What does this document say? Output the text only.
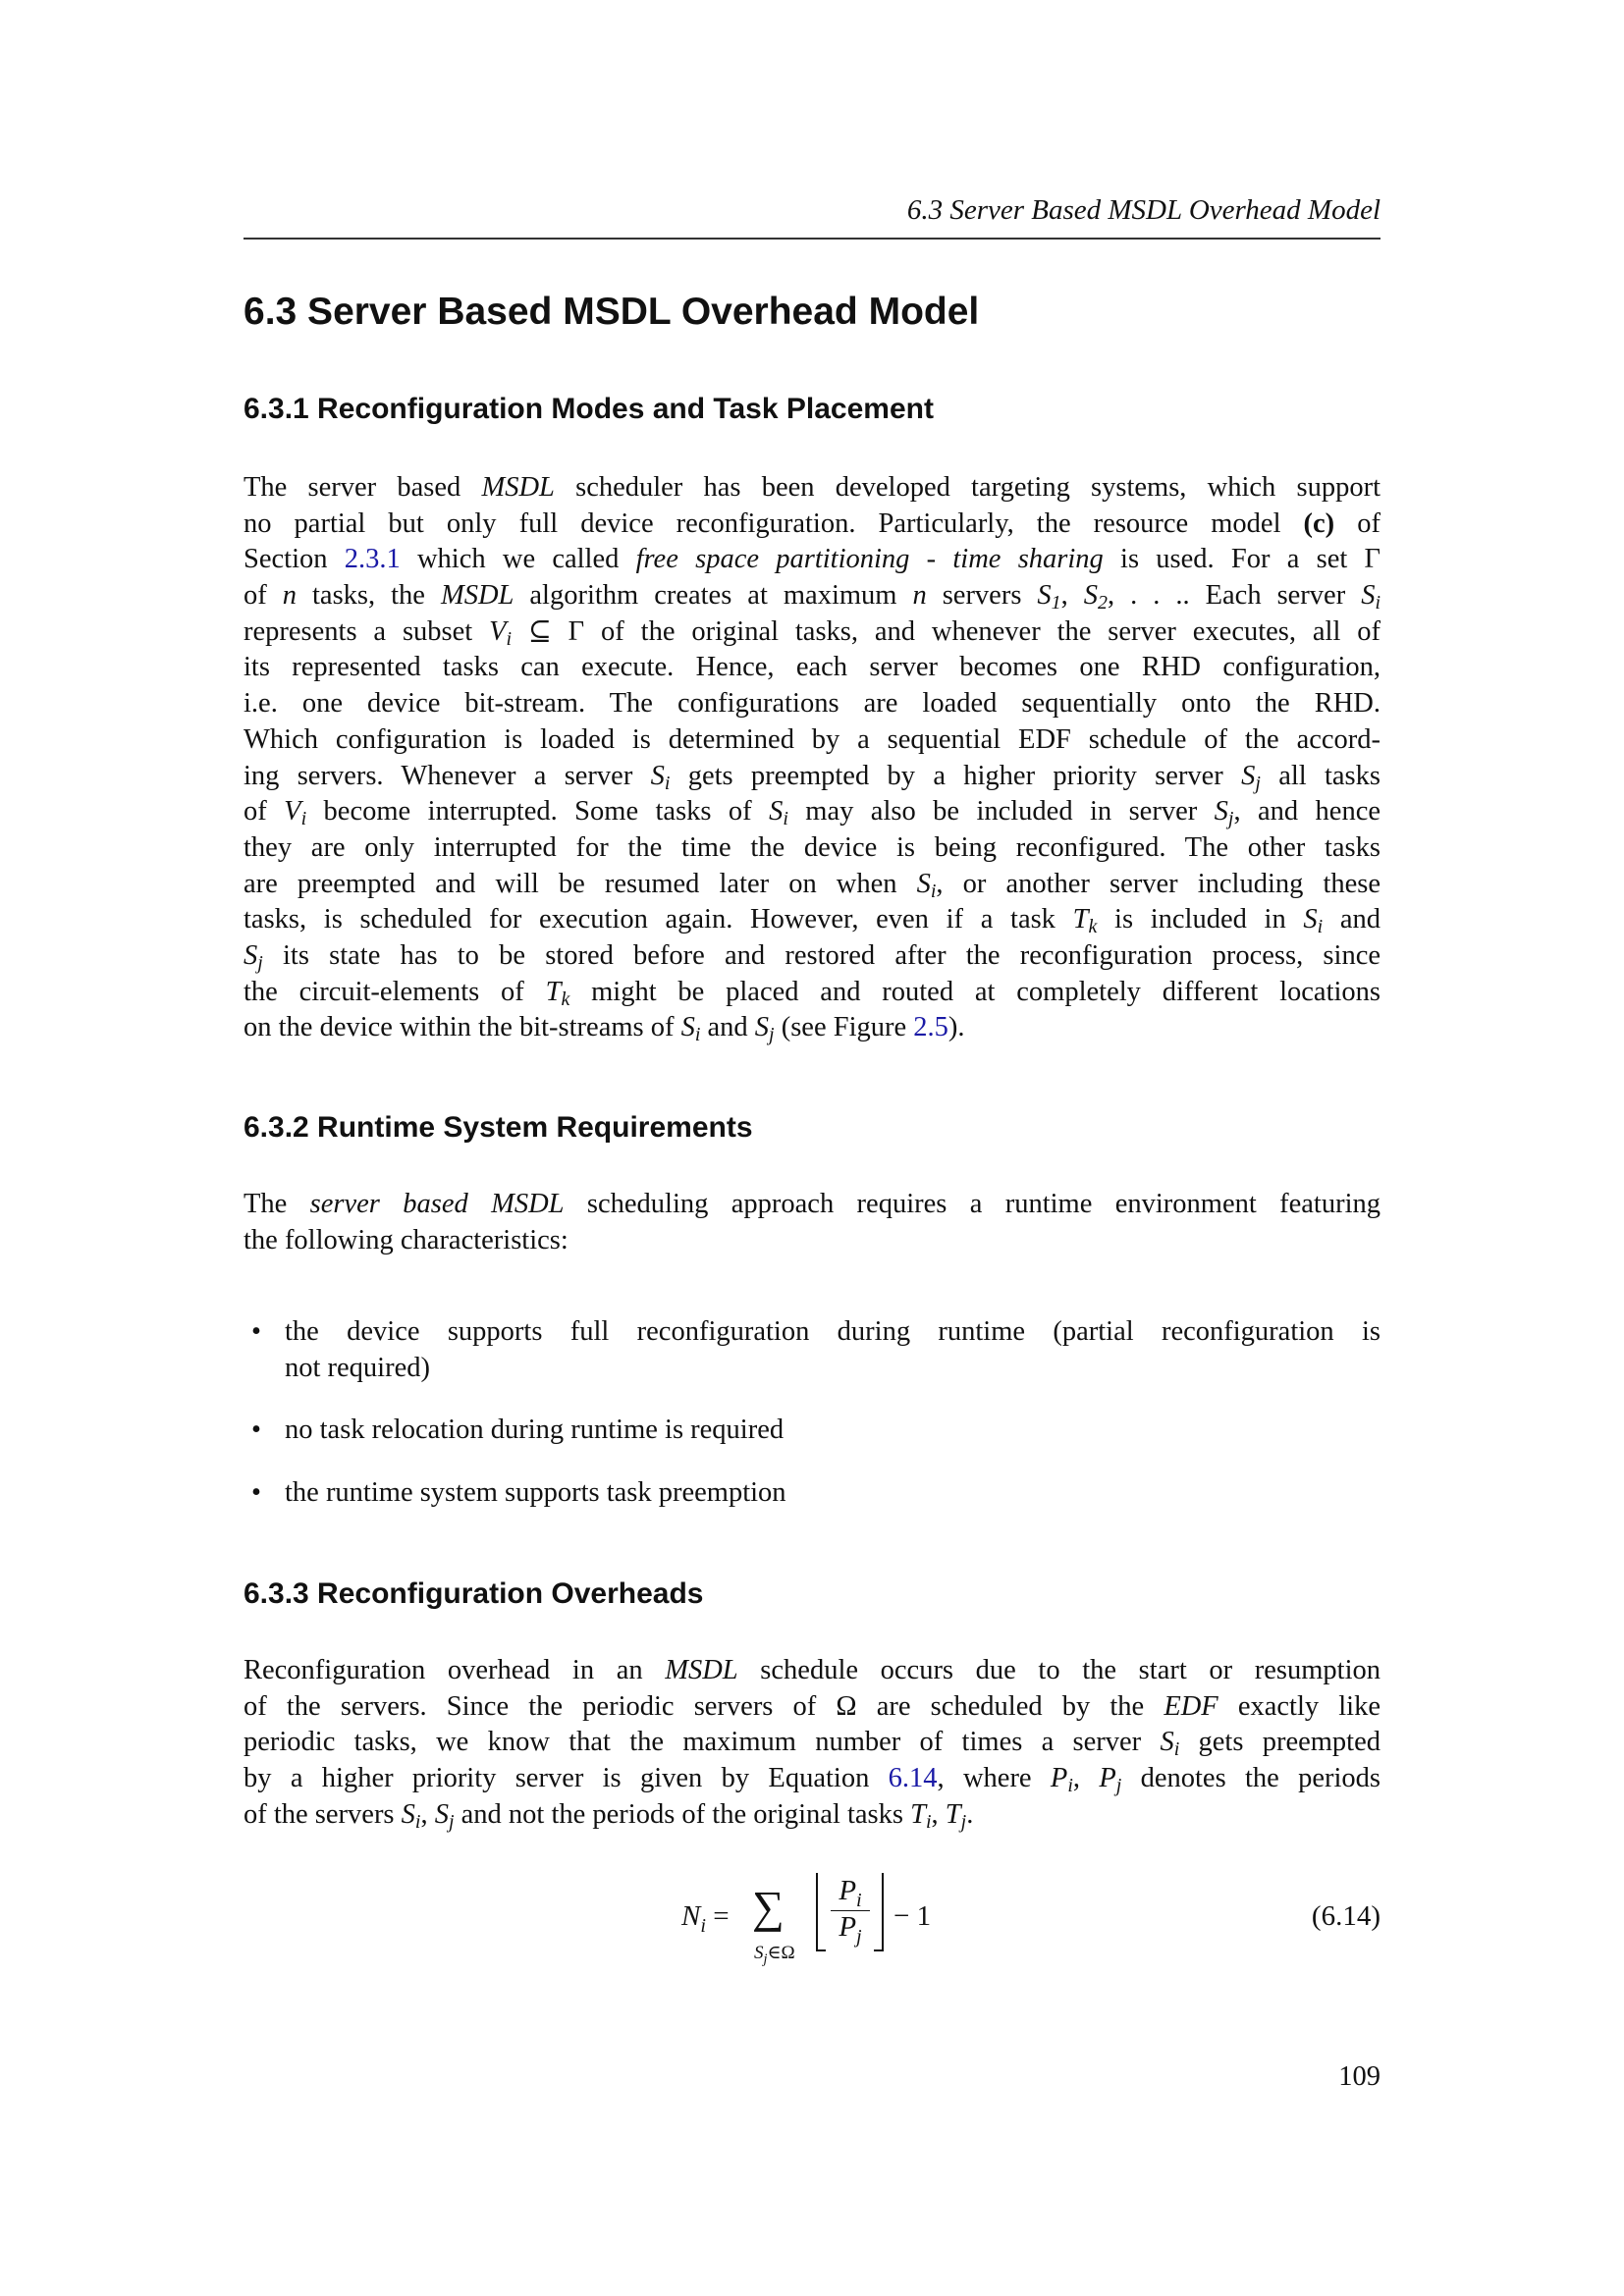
6.3 Server Based MSDL Overhead Model
6.3 Server Based MSDL Overhead Model
6.3.1 Reconfiguration Modes and Task Placement
The server based MSDL scheduler has been developed targeting systems, which support
no partial but only full device reconfiguration. Particularly, the resource model (c) of
Section 2.3.1 which we called free space partitioning - time sharing is used. For a set Γ
of n tasks, the MSDL algorithm creates at maximum n servers $S_1$, $S_2$, . . .. Each server $S_i$
represents a subset $V_i$ ⊆ Γ of the original tasks, and whenever the server executes, all of
its represented tasks can execute. Hence, each server becomes one RHD configuration,
i.e. one device bit-stream. The configurations are loaded sequentially onto the RHD.
Which configuration is loaded is determined by a sequential EDF schedule of the accord-
ing servers. Whenever a server $S_i$ gets preempted by a higher priority server $S_j$ all tasks
of $V_i$ become interrupted. Some tasks of $S_i$ may also be included in server $S_j$, and hence
they are only interrupted for the time the device is being reconfigured. The other tasks
are preempted and will be resumed later on when $S_i$, or another server including these
tasks, is scheduled for execution again. However, even if a task $T_k$ is included in $S_i$ and
$S_j$ its state has to be stored before and restored after the reconfiguration process, since
the circuit-elements of $T_k$ might be placed and routed at completely different locations
on the device within the bit-streams of $S_i$ and $S_j$ (see Figure 2.5).
6.3.2 Runtime System Requirements
The server based MSDL scheduling approach requires a runtime environment featuring
the following characteristics:
• the device supports full reconfiguration during runtime (partial reconfiguration is
not required)
• no task relocation during runtime is required
• the runtime system supports task preemption
6.3.3 Reconfiguration Overheads
Reconfiguration overhead in an MSDL schedule occurs due to the start or resumption
of the servers. Since the periodic servers of Ω are scheduled by the EDF exactly like
periodic tasks, we know that the maximum number of times a server $S_i$ gets preempted
by a higher priority server is given by Equation 6.14, where $P_i$, $P_j$ denotes the periods
of the servers $S_i$, $S_j$ and not the periods of the original tasks $T_i$, $T_j$.
$N_i$ = ∑
$S_j\in\Omega$
$\frac{P_i}{P_j} - 1$	(6.14)
109
